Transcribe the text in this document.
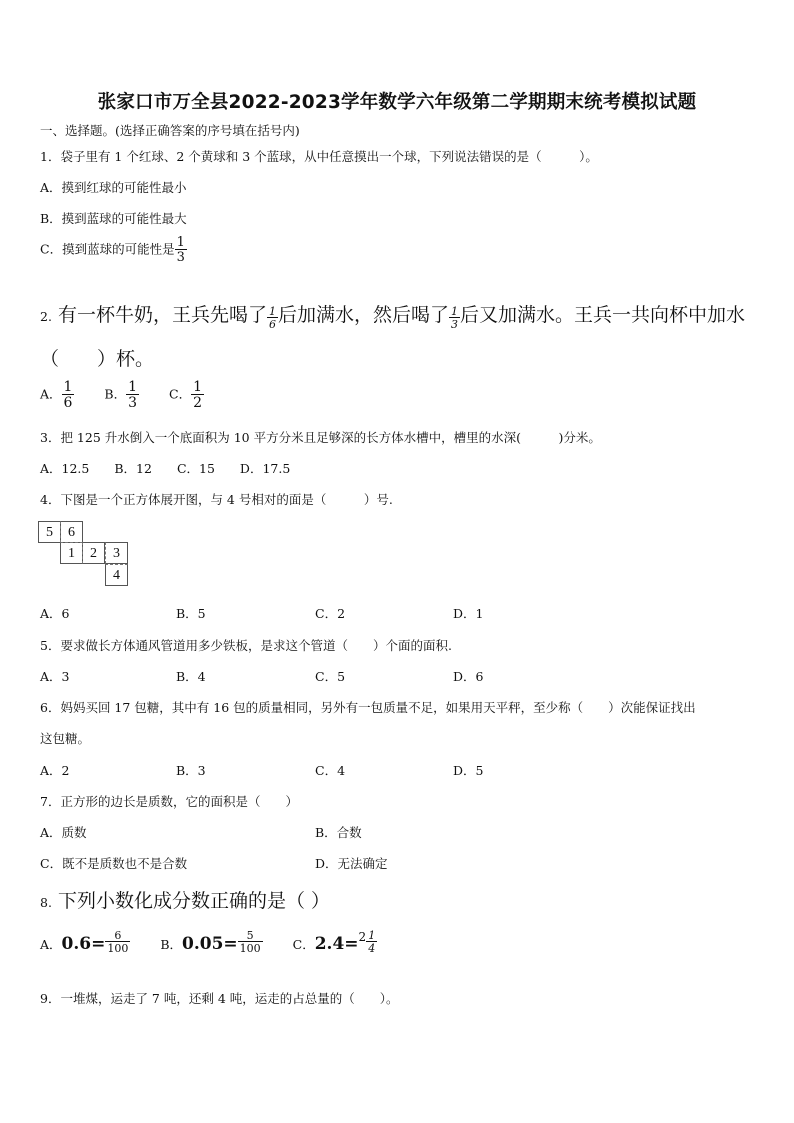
张家口市万全县2022-2023学年数学六年级第二学期期末统考模拟试题
一、选择题。(选择正确答案的序号填在括号内)
1．袋子里有 1 个红球、2 个黄球和 3 个蓝球，从中任意摸出一个球，下列说法错误的是（　　　）。
A．摸到红球的可能性最小
B．摸到蓝球的可能性最大
C．摸到蓝球的可能性是 $\frac{1}{3}$
2. 有一杯牛奶，王兵先喝了 $\frac{1}{6}$ 后加满水，然后喝了 $\frac{1}{3}$ 后又加满水。王兵一共向杯中加水
（　　）杯。
A． $\frac{1}{6}$ B． $\frac{1}{3}$ C． $\frac{1}{2}$
3．把 125 升水倒入一个底面积为 10 平方分米且足够深的长方体水槽中，槽里的水深(　　　)分米。
A．12.5　　B．12　　C．15　　D．17.5
4．下图是一个正方体展开图，与 4 号相对的面是（　　　）号.
5	6
1	2	3
4
A．6	B．5	C．2	D．1
5．要求做长方体通风管道用多少铁板，是求这个管道（　　）个面的面积.
A．3	B．4	C．5	D．6
6．妈妈买回 17 包糖，其中有 16 包的质量相同，另外有一包质量不足，如果用天平秤，至少称（　　）次能保证找出
这包糖。
A．2	B．3	C．4	D．5
7．正方形的边长是质数，它的面积是（　　）
A．质数	B．合数
C．既不是质数也不是合数	D．无法确定
8. 下列小数化成分数正确的是（ ）
A．$0.6= \frac{6}{100}$ B．$0.05= \frac{5}{100}$ C．$2.4=2 \frac{1}{4}$
9．一堆煤，运走了 7 吨，还剩 4 吨，运走的占总量的（　　）。
